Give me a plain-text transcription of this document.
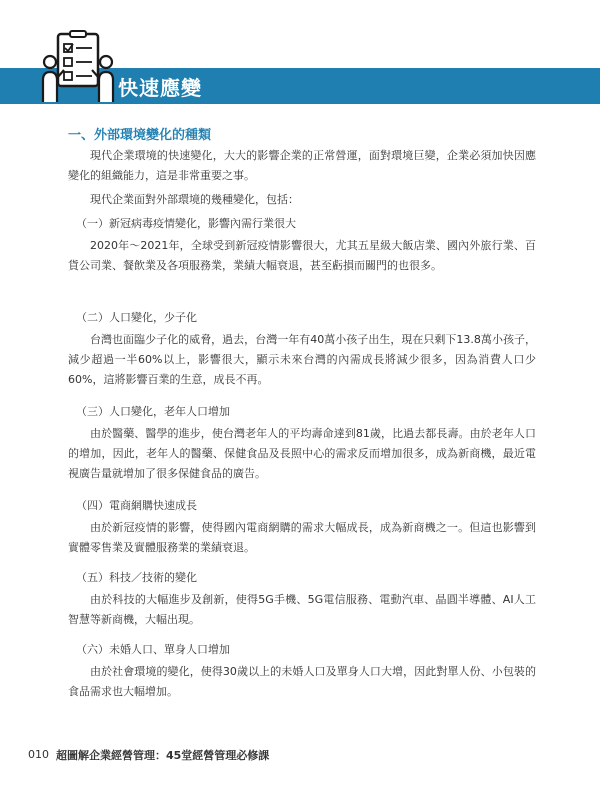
快速應變
一、外部環境變化的種類

現代企業環境的快速變化，大大的影響企業的正常營運，面對環境巨變，企業必須加快因應變化的組織能力，這是非常重要之事。

現代企業面對外部環境的幾種變化，包括：

（一）新冠病毒疫情變化，影響內需行業很大

2020年～2021年，全球受到新冠疫情影響很大，尤其五星級大飯店業、國內外旅行業、百貨公司業、餐飲業及各項服務業，業績大幅衰退，甚至虧損而關門的也很多。

（二）人口變化，少子化

台灣也面臨少子化的威脅，過去，台灣一年有40萬小孩子出生，現在只剩下13.8萬小孩子，減少超過一半60%以上，影響很大，顯示未來台灣的內需成長將減少很多，因為消費人口少60%，這將影響百業的生意，成長不再。

（三）人口變化，老年人口增加

由於醫藥、醫學的進步，使台灣老年人的平均壽命達到81歲，比過去都長壽。由於老年人口的增加，因此，老年人的醫藥、保健食品及長照中心的需求反而增加很多，成為新商機，最近電視廣告量就增加了很多保健食品的廣告。

（四）電商網購快速成長

由於新冠疫情的影響，使得國內電商網購的需求大幅成長，成為新商機之一。但這也影響到實體零售業及實體服務業的業績衰退。

（五）科技／技術的變化

由於科技的大幅進步及創新，使得5G手機、5G電信服務、電動汽車、晶圓半導體、AI人工智慧等新商機，大幅出現。

（六）未婚人口、單身人口增加

由於社會環境的變化，使得30歲以上的未婚人口及單身人口大增，因此對單人份、小包裝的食品需求也大幅增加。

010 超圖解企業經營管理：45堂經營管理必修課
